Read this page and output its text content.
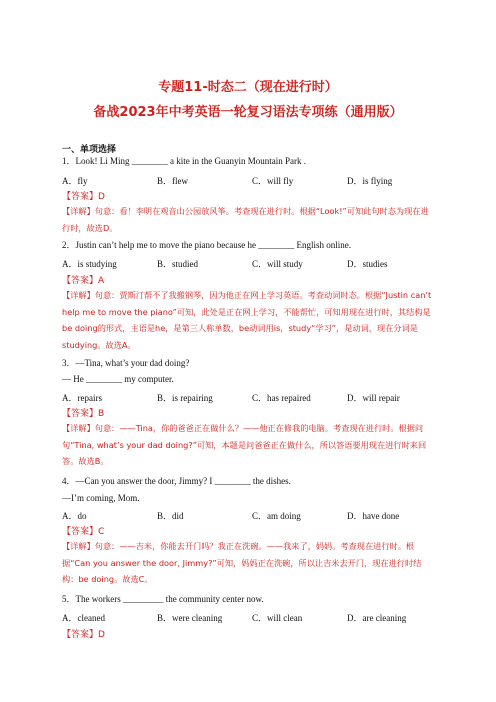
专题11-时态二（现在进行时）
备战2023年中考英语一轮复习语法专项练（通用版）
一、单项选择
1．Look! Li Ming ________ a kite in the Guanyin Mountain Park .
A．fly	B．flew	C．will fly	D．is flying
【答案】D
【详解】句意：看！李明在观音山公园放风筝。考查现在进行时。根据“Look!”可知此句时态为现在进行时，故选D。
2．Justin can’t help me to move the piano because he ________ English online.
A．is studying	B．studied	C．will study	D．studies
【答案】A
【详解】句意：贾斯汀帮不了我搬钢琴，因为他正在网上学习英语。考查动词时态。根据“Justin can’t help me to move the piano”可知，此处是正在网上学习，不能帮忙，可知用现在进行时，其结构是be doing的形式，主语是he，是第三人称单数，be动词用is，study“学习”，是动词，现在分词是studying。故选A。
3．—Tina, what’s your dad doing?
— He ________ my computer.
A．repairs	B．is repairing	C．has repaired	D．will repair
【答案】B
【详解】句意：——Tina，你的爸爸正在做什么？——他正在修我的电脑。考查现在进行时。根据问句“Tina, what’s your dad doing?”可知，本题是问爸爸正在做什么，所以答语要用现在进行时来回答。故选B。
4．—Can you answer the door, Jimmy? I ________ the dishes.
—I’m coming, Mom.
A．do	B．did	C．am doing	D．have done
【答案】C
【详解】句意：——吉米，你能去开门吗？我正在洗碗。——我来了，妈妈。考查现在进行时。根据“Can you answer the door, Jimmy?”可知，妈妈正在洗碗，所以让吉米去开门，现在进行时结构：be doing。故选C。
5．The workers _________ the community center now.
A．cleaned	B．were cleaning	C．will clean	D．are cleaning
【答案】D
